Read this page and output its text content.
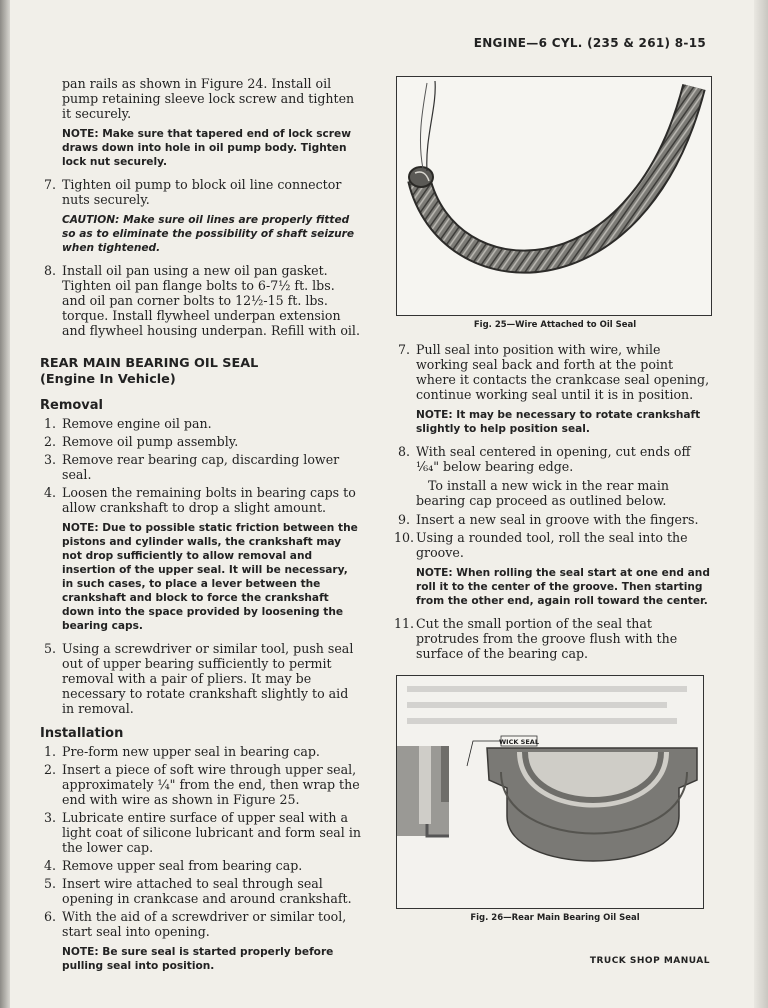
ENGINE—6 CYL. (235 & 261) 8-15

pan rails as shown in Figure 24. Install oil pump retaining sleeve lock screw and tighten it securely.

NOTE: Make sure that tapered end of lock screw draws down into hole in oil pump body. Tighten lock nut securely.
7. Tighten oil pump to block oil line connector nuts securely.
CAUTION: Make sure oil lines are properly fitted so as to eliminate the possibility of shaft seizure when tightened.
8. Install oil pan using a new oil pan gasket. Tighten oil pan flange bolts to 6-7½ ft. lbs. and oil pan corner bolts to 12½-15 ft. lbs. torque. Install flywheel underpan extension and flywheel housing underpan. Refill with oil.
REAR MAIN BEARING OIL SEAL
(Engine In Vehicle)
Removal
1. Remove engine oil pan.
2. Remove oil pump assembly.
3. Remove rear bearing cap, discarding lower seal.
4. Loosen the remaining bolts in bearing caps to allow crankshaft to drop a slight amount.
NOTE: Due to possible static friction between the pistons and cylinder walls, the crankshaft may not drop sufficiently to allow removal and insertion of the upper seal. It will be necessary, in such cases, to place a lever between the crankshaft and block to force the crankshaft down into the space provided by loosening the bearing caps.
5. Using a screwdriver or similar tool, push seal out of upper bearing sufficiently to permit removal with a pair of pliers. It may be necessary to rotate crankshaft slightly to aid in removal.
Installation
1. Pre-form new upper seal in bearing cap.
2. Insert a piece of soft wire through upper seal, approximately ¼" from the end, then wrap the end with wire as shown in Figure 25.
3. Lubricate entire surface of upper seal with a light coat of silicone lubricant and form seal in the lower cap.
4. Remove upper seal from bearing cap.
5. Insert wire attached to seal through seal opening in crankcase and around crankshaft.
6. With the aid of a screwdriver or similar tool, start seal into opening.
NOTE: Be sure seal is started properly before pulling seal into position.
Fig. 25—Wire Attached to Oil Seal
7. Pull seal into position with wire, while working seal back and forth at the point where it contacts the crankcase seal opening, continue working seal until it is in position.
NOTE: It may be necessary to rotate crankshaft slightly to help position seal.
8. With seal centered in opening, cut ends off ¹⁄₆₄" below bearing edge.

To install a new wick in the rear main bearing cap proceed as outlined below.

9. Insert a new seal in groove with the fingers.
10. Using a rounded tool, roll the seal into the groove.
NOTE: When rolling the seal start at one end and roll it to the center of the groove. Then starting from the other end, again roll toward the center.
11. Cut the small portion of the seal that protrudes from the groove flush with the surface of the bearing cap.
WICK SEAL
Fig. 26—Rear Main Bearing Oil Seal
TRUCK SHOP MANUAL
